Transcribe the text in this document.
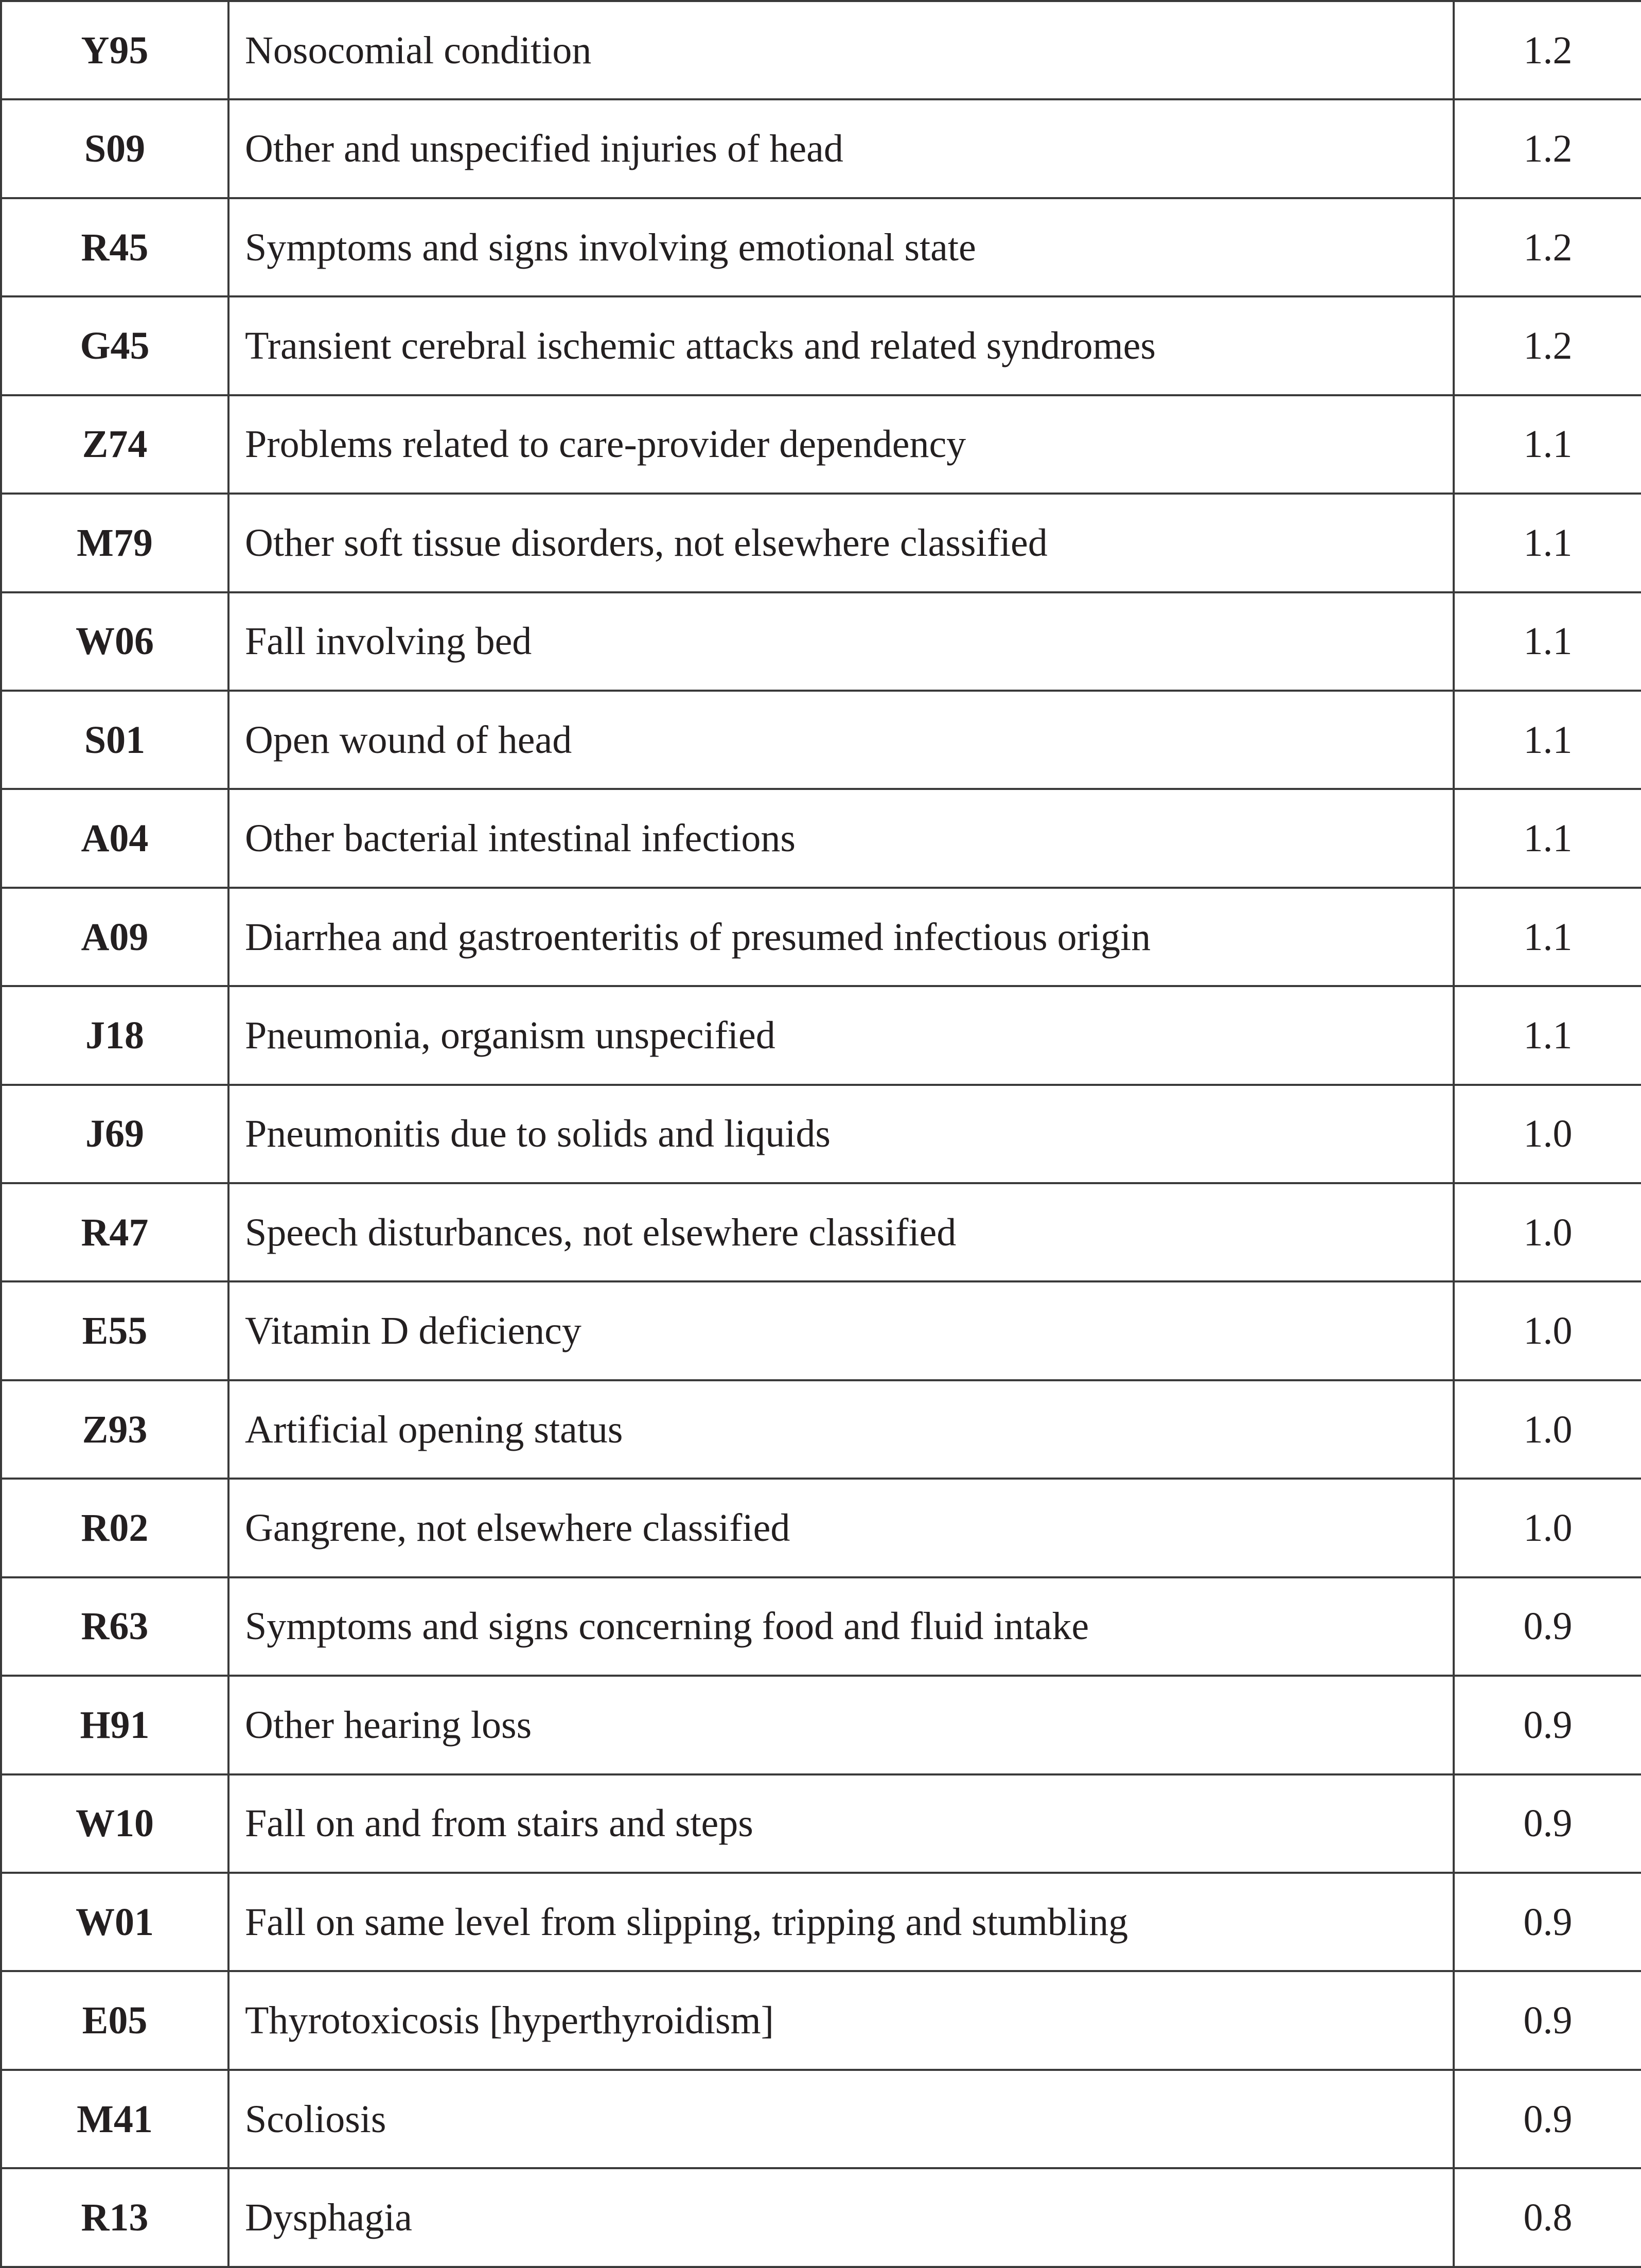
Y95	Nosocomial condition	1.2
S09	Other and unspecified injuries of head	1.2
R45	Symptoms and signs involving emotional state	1.2
G45	Transient cerebral ischemic attacks and related syndromes	1.2
Z74	Problems related to care-provider dependency	1.1
M79	Other soft tissue disorders, not elsewhere classified	1.1
W06	Fall involving bed	1.1
S01	Open wound of head	1.1
A04	Other bacterial intestinal infections	1.1
A09	Diarrhea and gastroenteritis of presumed infectious origin	1.1
J18	Pneumonia, organism unspecified	1.1
J69	Pneumonitis due to solids and liquids	1.0
R47	Speech disturbances, not elsewhere classified	1.0
E55	Vitamin D deficiency	1.0
Z93	Artificial opening status	1.0
R02	Gangrene, not elsewhere classified	1.0
R63	Symptoms and signs concerning food and fluid intake	0.9
H91	Other hearing loss	0.9
W10	Fall on and from stairs and steps	0.9
W01	Fall on same level from slipping, tripping and stumbling	0.9
E05	Thyrotoxicosis [hyperthyroidism]	0.9
M41	Scoliosis	0.9
R13	Dysphagia	0.8
